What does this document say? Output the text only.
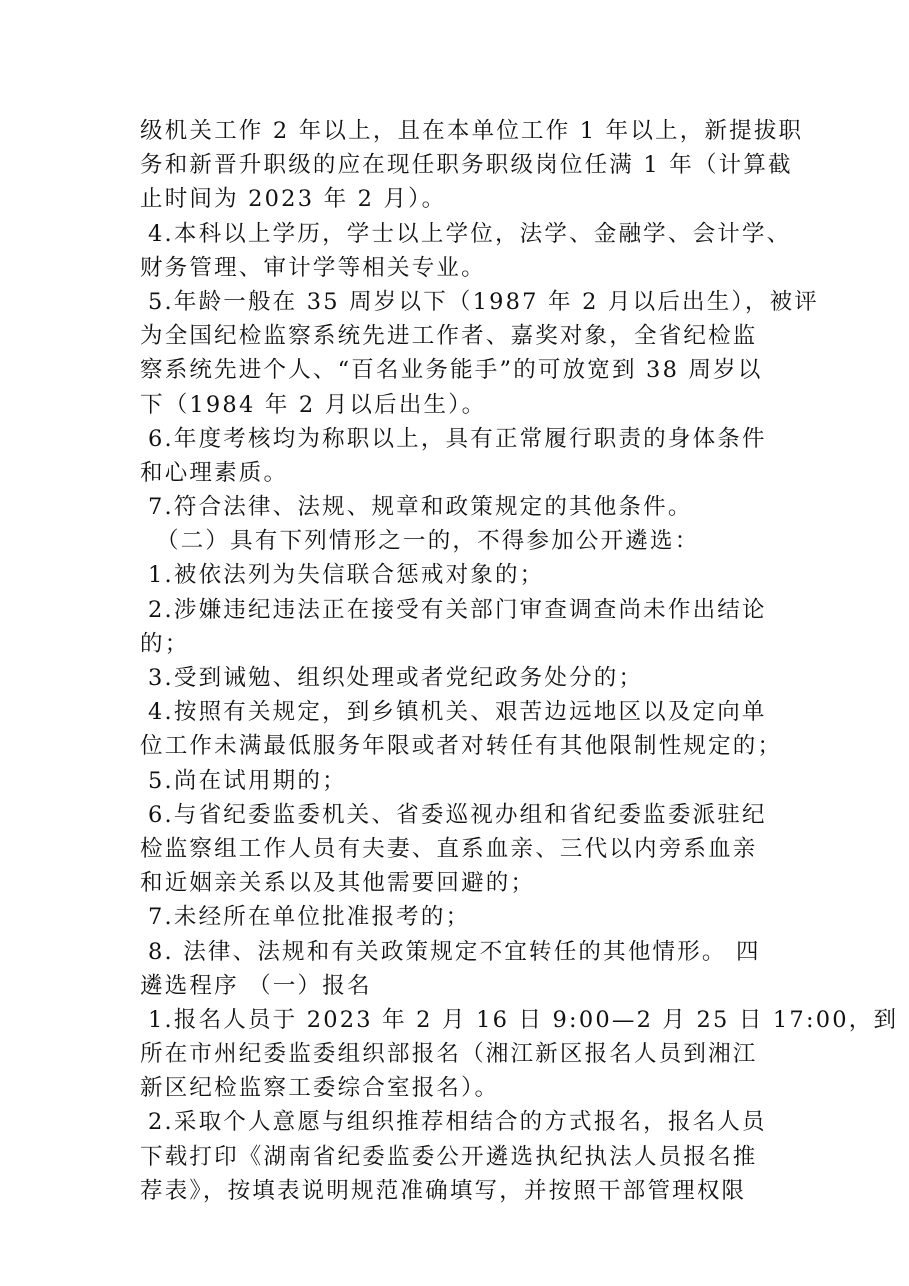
级机关工作 2 年以上，且在本单位工作 1 年以上，新提拔职
务和新晋升职级的应在现任职务职级岗位任满 1 年（计算截
止时间为 2023 年 2 月）。
4.本科以上学历，学士以上学位，法学、金融学、会计学、
财务管理、审计学等相关专业。
5.年龄一般在 35 周岁以下（1987 年 2 月以后出生），被评
为全国纪检监察系统先进工作者、嘉奖对象，全省纪检监
察系统先进个人、“百名业务能手”的可放宽到 38 周岁以
下（1984 年 2 月以后出生）。
6.年度考核均为称职以上，具有正常履行职责的身体条件
和心理素质。
7.符合法律、法规、规章和政策规定的其他条件。
（二）具有下列情形之一的，不得参加公开遴选：
1.被依法列为失信联合惩戒对象的；
2.涉嫌违纪违法正在接受有关部门审查调查尚未作出结论
的；
3.受到诫勉、组织处理或者党纪政务处分的；
4.按照有关规定，到乡镇机关、艰苦边远地区以及定向单
位工作未满最低服务年限或者对转任有其他限制性规定的；
5.尚在试用期的；
6.与省纪委监委机关、省委巡视办组和省纪委监委派驻纪
检监察组工作人员有夫妻、直系血亲、三代以内旁系血亲
和近姻亲关系以及其他需要回避的；
7.未经所在单位批准报考的；
8. 法律、法规和有关政策规定不宜转任的其他情形。 四
遴选程序 （一）报名
1.报名人员于 2023 年 2 月 16 日 9:00—2 月 25 日 17:00，到
所在市州纪委监委组织部报名（湘江新区报名人员到湘江
新区纪检监察工委综合室报名）。
2.采取个人意愿与组织推荐相结合的方式报名，报名人员
下载打印《湖南省纪委监委公开遴选执纪执法人员报名推
荐表》，按填表说明规范准确填写，并按照干部管理权限
